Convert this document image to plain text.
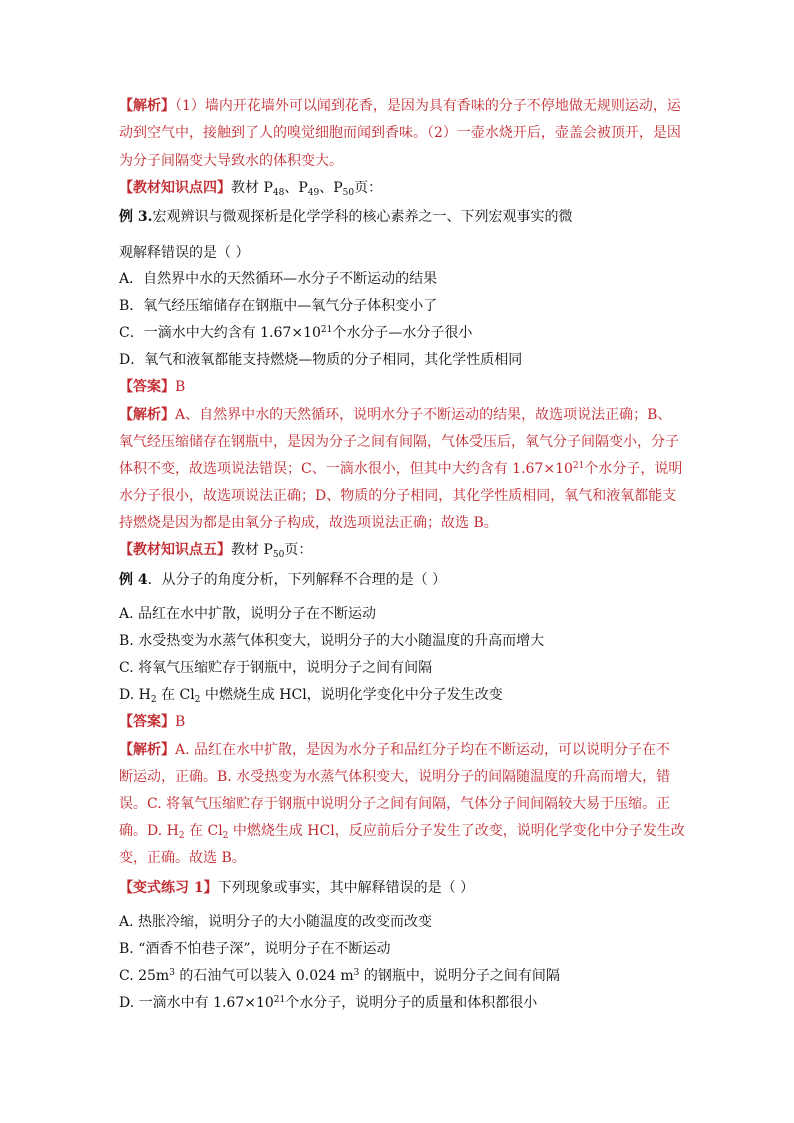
【解析】（1）墙内开花墙外可以闻到花香，是因为具有香味的分子不停地做无规则运动，运
动到空气中，接触到了人的嗅觉细胞而闻到香味。（2）一壶水烧开后，壶盖会被顶开，是因
为分子间隔变大导致水的体积变大。
【教材知识点四】教材 $P_{48}$、$P_{49}$、$P_{50}$页：
例 3.宏观辨识与微观探析是化学学科的核心素养之一、下列宏观事实的微
观解释错误的是（ ）
A．自然界中水的天然循环—水分子不断运动的结果
B．氧气经压缩储存在钢瓶中—氧气分子体积变小了
C．一滴水中大约含有 $1.67\times 10^{21}$个水分子—水分子很小
D．氧气和液氧都能支持燃烧—物质的分子相同，其化学性质相同
【答案】B
【解析】A、自然界中水的天然循环，说明水分子不断运动的结果，故选项说法正确；B、
氧气经压缩储存在钢瓶中，是因为分子之间有间隔，气体受压后，氧气分子间隔变小，分子
体积不变，故选项说法错误；C、一滴水很小，但其中大约含有 $1.67\times 10^{21}$个水分子，说明
水分子很小，故选项说法正确；D、物质的分子相同，其化学性质相同，氧气和液氧都能支
持燃烧是因为都是由氧分子构成，故选项说法正确；故选 B。
【教材知识点五】教材 $P_{50}$页：
例 4．从分子的角度分析，下列解释不合理的是（ ）
A. 品红在水中扩散，说明分子在不断运动
B. 水受热变为水蒸气体积变大，说明分子的大小随温度的升高而增大
C. 将氧气压缩贮存于钢瓶中，说明分子之间有间隔
D. $H_2$ 在 $Cl_2$ 中燃烧生成 HCl，说明化学变化中分子发生改变
【答案】B
【解析】A. 品红在水中扩散，是因为水分子和品红分子均在不断运动，可以说明分子在不
断运动，正确。B. 水受热变为水蒸气体积变大，说明分子的间隔随温度的升高而增大，错
误。C. 将氧气压缩贮存于钢瓶中说明分子之间有间隔，气体分子间间隔较大易于压缩。正
确。D. $H_2$ 在 $Cl_2$ 中燃烧生成 HCl，反应前后分子发生了改变，说明化学变化中分子发生改
变，正确。故选 B。
【变式练习 1】下列现象或事实，其中解释错误的是（ ）
A. 热胀冷缩，说明分子的大小随温度的改变而改变
B. “酒香不怕巷子深”，说明分子在不断运动
C. $25m^3$ 的石油气可以装入 0.024 $m^3$ 的钢瓶中，说明分子之间有间隔
D. 一滴水中有 $1.67\times 10^{21}$个水分子，说明分子的质量和体积都很小
